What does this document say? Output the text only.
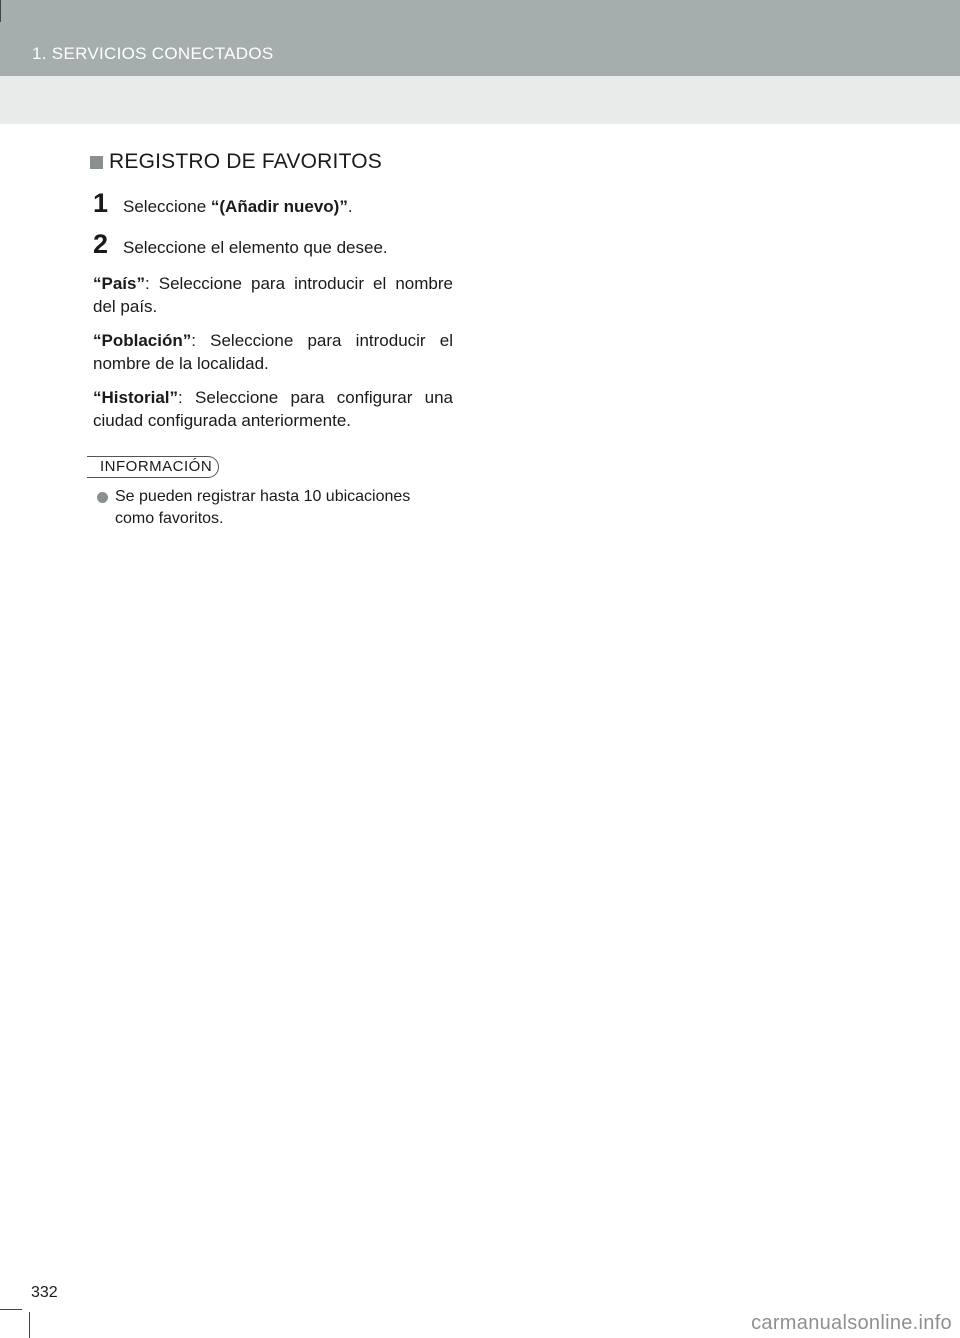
1. SERVICIOS CONECTADOS
REGISTRO DE FAVORITOS
1 Seleccione “(Añadir nuevo)”.
2 Seleccione el elemento que desee.

“País”: Seleccione para introducir el nombre del país.

“Población”: Seleccione para introducir el nombre de la localidad.

“Historial”: Seleccione para configurar una ciudad configurada anteriormente.

INFORMACIÓN
Se pueden registrar hasta 10 ubicaciones como favoritos.
332
carmanualsonline.info
